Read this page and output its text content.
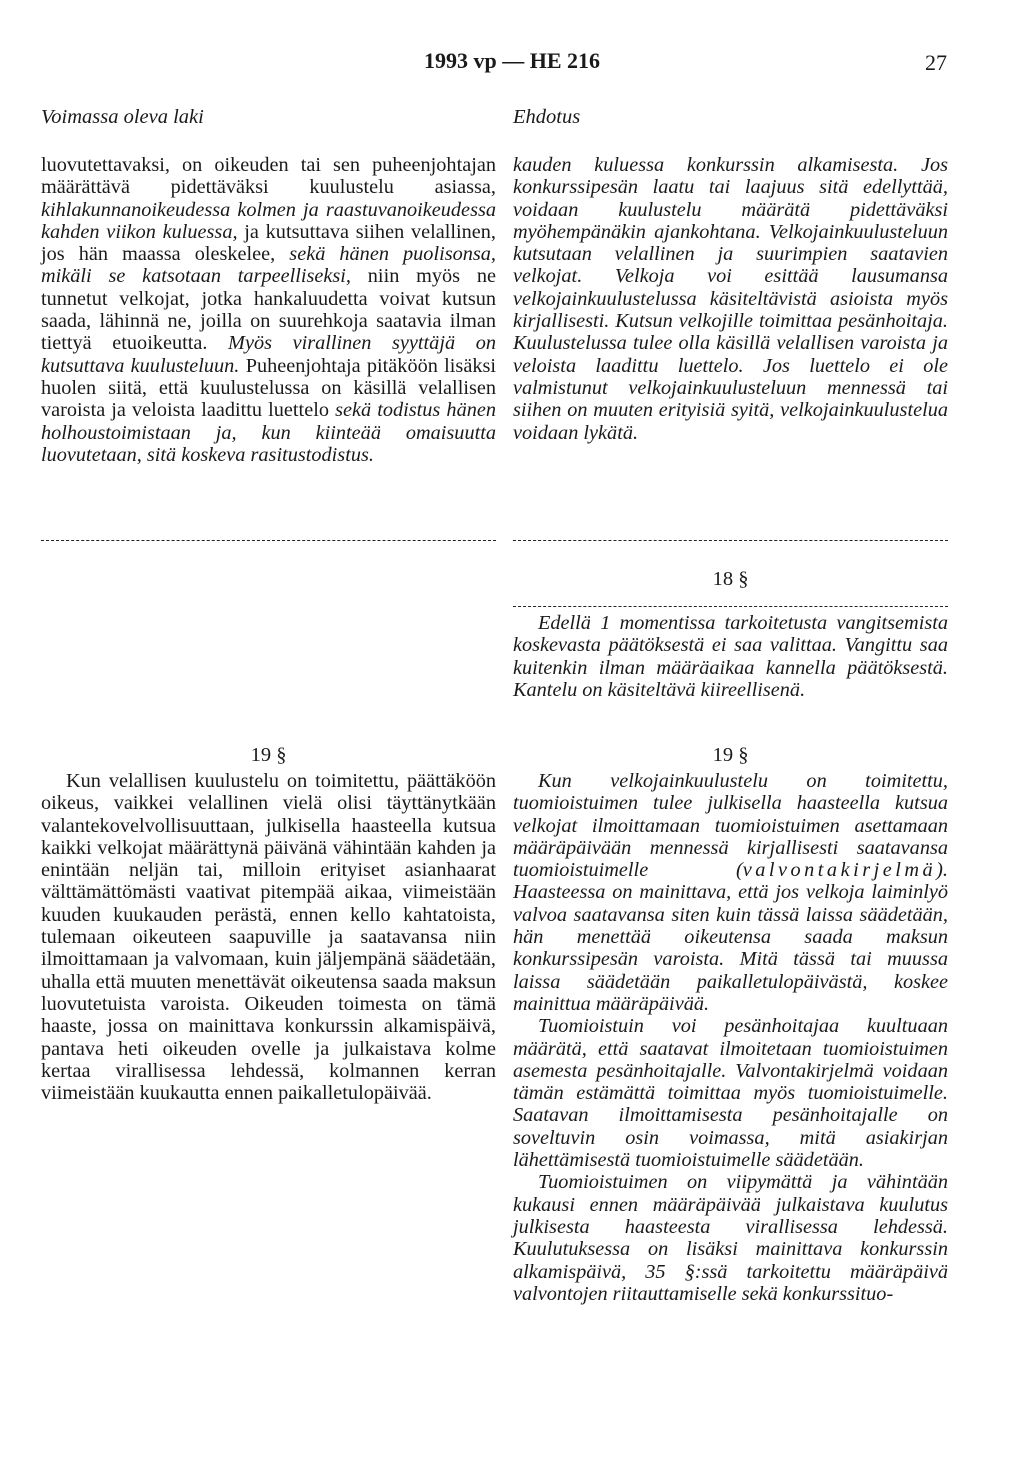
1993 vp — HE 216	27
Voimassa oleva laki	Ehdotus

luovutettavaksi, on oikeuden tai sen puheenjohtajan määrättävä pidettäväksi kuulustelu asiassa, kihlakunnanoikeudessa kolmen ja raastuvanoikeudessa kahden viikon kuluessa, ja kutsuttava siihen velallinen, jos hän maassa oleskelee, sekä hänen puolisonsa, mikäli se katsotaan tarpeelliseksi, niin myös ne tunnetut velkojat, jotka hankaluudetta voivat kutsun saada, lähinnä ne, joilla on suurehkoja saatavia ilman tiettyä etuoikeutta. Myös virallinen syyttäjä on kutsuttava kuulusteluun. Puheenjohtaja pitäköön lisäksi huolen siitä, että kuulustelussa on käsillä velallisen varoista ja veloista laadittu luettelo sekä todistus hänen holhoustoimistaan ja, kun kiinteää omaisuutta luovutetaan, sitä koskeva rasitustodistus.

kauden kuluessa konkurssin alkamisesta. Jos konkurssipesän laatu tai laajuus sitä edellyttää, voidaan kuulustelu määrätä pidettäväksi myöhempänäkin ajankohtana. Velkojainkuulusteluun kutsutaan velallinen ja suurimpien saatavien velkojat. Velkoja voi esittää lausumansa velkojainkuulustelussa käsiteltävistä asioista myös kirjallisesti. Kutsun velkojille toimittaa pesänhoitaja. Kuulustelussa tulee olla käsillä velallisen varoista ja veloista laadittu luettelo. Jos luettelo ei ole valmistunut velkojainkuulusteluun mennessä tai siihen on muuten erityisiä syitä, velkojainkuulustelua voidaan lykätä.

18 §

Edellä 1 momentissa tarkoitetusta vangitsemista koskevasta päätöksestä ei saa valittaa. Vangittu saa kuitenkin ilman määräaikaa kannella päätöksestä. Kantelu on käsiteltävä kiireellisenä.

19 §

Kun velallisen kuulustelu on toimitettu, päättäköön oikeus, vaikkei velallinen vielä olisi täyttänytkään valantekovelvollisuuttaan, julkisella haasteella kutsua kaikki velkojat määrättynä päivänä vähintään kahden ja enintään neljän tai, milloin erityiset asianhaarat välttämättömästi vaativat pitempää aikaa, viimeistään kuuden kuukauden perästä, ennen kello kahtatoista, tulemaan oikeuteen saapuville ja saatavansa niin ilmoittamaan ja valvomaan, kuin jäljempänä säädetään, uhalla että muuten menettävät oikeutensa saada maksun luovutetuista varoista. Oikeuden toimesta on tämä haaste, jossa on mainittava konkurssin alkamispäivä, pantava heti oikeuden ovelle ja julkaistava kolme kertaa virallisessa lehdessä, kolmannen kerran viimeistään kuukautta ennen paikalletulopäivää.

19 §

Kun velkojainkuulustelu on toimitettu, tuomioistuimen tulee julkisella haasteella kutsua velkojat ilmoittamaan tuomioistuimen asettamaan määräpäivään mennessä kirjallisesti saatavansa tuomioistuimelle (valvontakirjelmä). Haasteessa on mainittava, että jos velkoja laiminlyö valvoa saatavansa siten kuin tässä laissa säädetään, hän menettää oikeutensa saada maksun konkurssipesän varoista. Mitä tässä tai muussa laissa säädetään paikalletulopäivästä, koskee mainittua määräpäivää.

Tuomioistuin voi pesänhoitajaa kuultuaan määrätä, että saatavat ilmoitetaan tuomioistuimen asemesta pesänhoitajalle. Valvontakirjelmä voidaan tämän estämättä toimittaa myös tuomioistuimelle. Saatavan ilmoittamisesta pesänhoitajalle on soveltuvin osin voimassa, mitä asiakirjan lähettämisestä tuomioistuimelle säädetään.

Tuomioistuimen on viipymättä ja vähintään kukausi ennen määräpäivää julkaistava kuulutus julkisesta haasteesta virallisessa lehdessä. Kuulutuksessa on lisäksi mainittava konkurssin alkamispäivä, 35 §:ssä tarkoitettu määräpäivä valvontojen riitauttamiselle sekä konkurssituo-
